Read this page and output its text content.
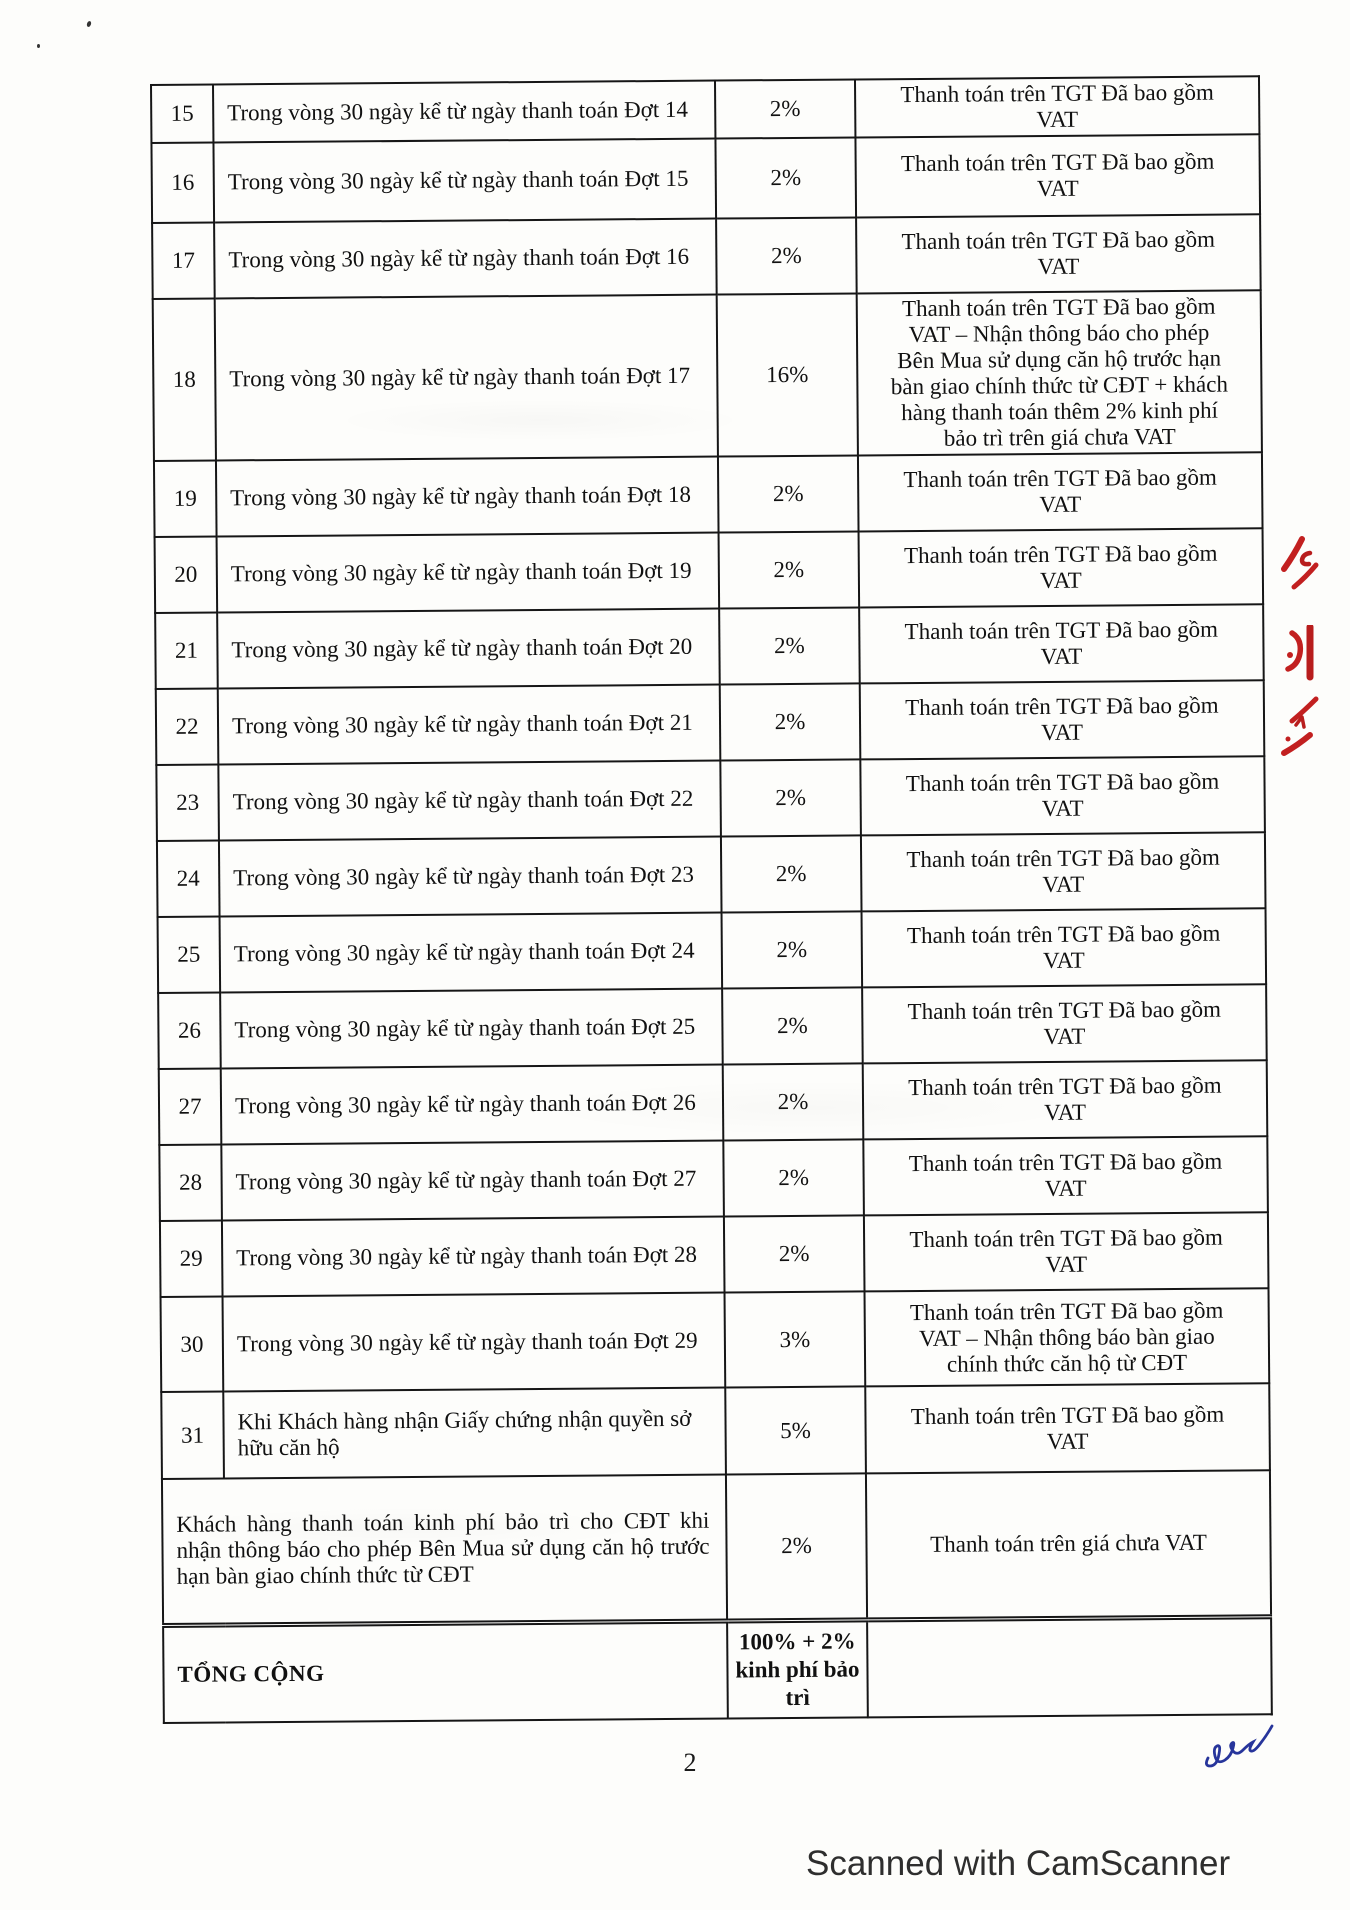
15	Trong vòng 30 ngày kể từ ngày thanh toán Đợt 14	2%	Thanh toán trên TGT Đã bao gồm VAT
16	Trong vòng 30 ngày kể từ ngày thanh toán Đợt 15	2%	Thanh toán trên TGT Đã bao gồm VAT
17	Trong vòng 30 ngày kể từ ngày thanh toán Đợt 16	2%	Thanh toán trên TGT Đã bao gồm VAT
18	Trong vòng 30 ngày kể từ ngày thanh toán Đợt 17	16%	Thanh toán trên TGT Đã bao gồm VAT – Nhận thông báo cho phép Bên Mua sử dụng căn hộ trước hạn bàn giao chính thức từ CĐT + khách hàng thanh toán thêm 2% kinh phí bảo trì trên giá chưa VAT
19	Trong vòng 30 ngày kể từ ngày thanh toán Đợt 18	2%	Thanh toán trên TGT Đã bao gồm VAT
20	Trong vòng 30 ngày kể từ ngày thanh toán Đợt 19	2%	Thanh toán trên TGT Đã bao gồm VAT
21	Trong vòng 30 ngày kể từ ngày thanh toán Đợt 20	2%	Thanh toán trên TGT Đã bao gồm VAT
22	Trong vòng 30 ngày kể từ ngày thanh toán Đợt 21	2%	Thanh toán trên TGT Đã bao gồm VAT
23	Trong vòng 30 ngày kể từ ngày thanh toán Đợt 22	2%	Thanh toán trên TGT Đã bao gồm VAT
24	Trong vòng 30 ngày kể từ ngày thanh toán Đợt 23	2%	Thanh toán trên TGT Đã bao gồm VAT
25	Trong vòng 30 ngày kể từ ngày thanh toán Đợt 24	2%	Thanh toán trên TGT Đã bao gồm VAT
26	Trong vòng 30 ngày kể từ ngày thanh toán Đợt 25	2%	Thanh toán trên TGT Đã bao gồm VAT
27	Trong vòng 30 ngày kể từ ngày thanh toán Đợt 26	2%	Thanh toán trên TGT Đã bao gồm VAT
28	Trong vòng 30 ngày kể từ ngày thanh toán Đợt 27	2%	Thanh toán trên TGT Đã bao gồm VAT
29	Trong vòng 30 ngày kể từ ngày thanh toán Đợt 28	2%	Thanh toán trên TGT Đã bao gồm VAT
30	Trong vòng 30 ngày kể từ ngày thanh toán Đợt 29	3%	Thanh toán trên TGT Đã bao gồm VAT – Nhận thông báo bàn giao chính thức căn hộ từ CĐT
31	Khi Khách hàng nhận Giấy chứng nhận quyền sở hữu căn hộ	5%	Thanh toán trên TGT Đã bao gồm VAT
Khách hàng thanh toán kinh phí bảo trì cho CĐT khi nhận thông báo cho phép Bên Mua sử dụng căn hộ trước hạn bàn giao chính thức từ CĐT		2%	Thanh toán trên giá chưa VAT
TỔNG CỘNG		100% + 2% kinh phí bảo trì	
2
Scanned with CamScanner
